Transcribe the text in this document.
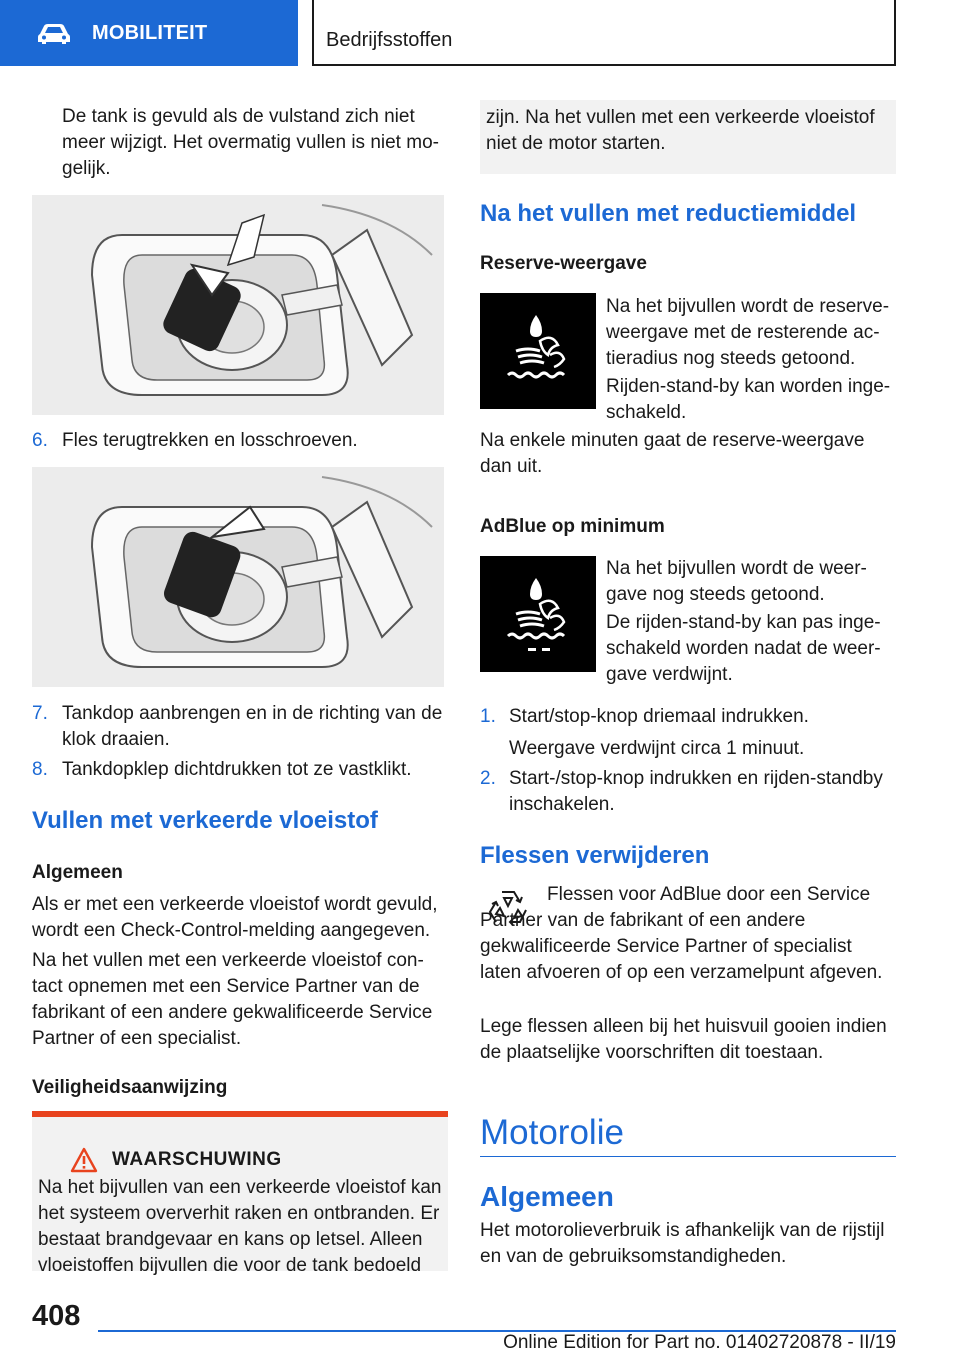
MOBILITEIT	Bedrijfsstoffen
De tank is gevuld als de vulstand zich niet meer wijzigt. Het overmatig vullen is niet mogelijk.
6. Fles terugtrekken en losschroeven.
7. Tankdop aanbrengen en in de richting van de klok draaien.
8. Tankdopklep dichtdrukken tot ze vastklikt.
Vullen met verkeerde vloeistof
Algemeen
Als er met een verkeerde vloeistof wordt gevuld, wordt een Check-Control-melding aangegeven.
Na het vullen met een verkeerde vloeistof contact opnemen met een Service Partner van de fabrikant of een andere gekwalificeerde Service Partner of een specialist.
Veiligheidsaanwijzing
WAARSCHUWING
Na het bijvullen van een verkeerde vloeistof kan het systeem oververhit raken en ontbranden. Er bestaat brandgevaar en kans op letsel. Alleen vloeistoffen bijvullen die voor de tank bedoeld
zijn. Na het vullen met een verkeerde vloeistof niet de motor starten.
Na het vullen met reductiemiddel
Reserve-weergave
Na het bijvullen wordt de reserveweergave met de resterende actieradius nog steeds getoond.
Rijden-stand-by kan worden ingeschakeld.
Na enkele minuten gaat de reserve-weergave dan uit.
AdBlue op minimum
Na het bijvullen wordt de weergave nog steeds getoond.
De rijden-stand-by kan pas ingeschakeld worden nadat de weergave verdwijnt.
1. Start/stop-knop driemaal indrukken.
Weergave verdwijnt circa 1 minuut.
2. Start-/stop-knop indrukken en rijden-standby inschakelen.
Flessen verwijderen
Flessen voor AdBlue door een Service Partner van de fabrikant of een andere gekwalificeerde Service Partner of specialist laten afvoeren of op een verzamelpunt afgeven.
Lege flessen alleen bij het huisvuil gooien indien de plaatselijke voorschriften dit toestaan.
Motorolie
Algemeen
Het motorolieverbruik is afhankelijk van de rijstijl en van de gebruiksomstandigheden.
408
Online Edition for Part no. 01402720878 - II/19
